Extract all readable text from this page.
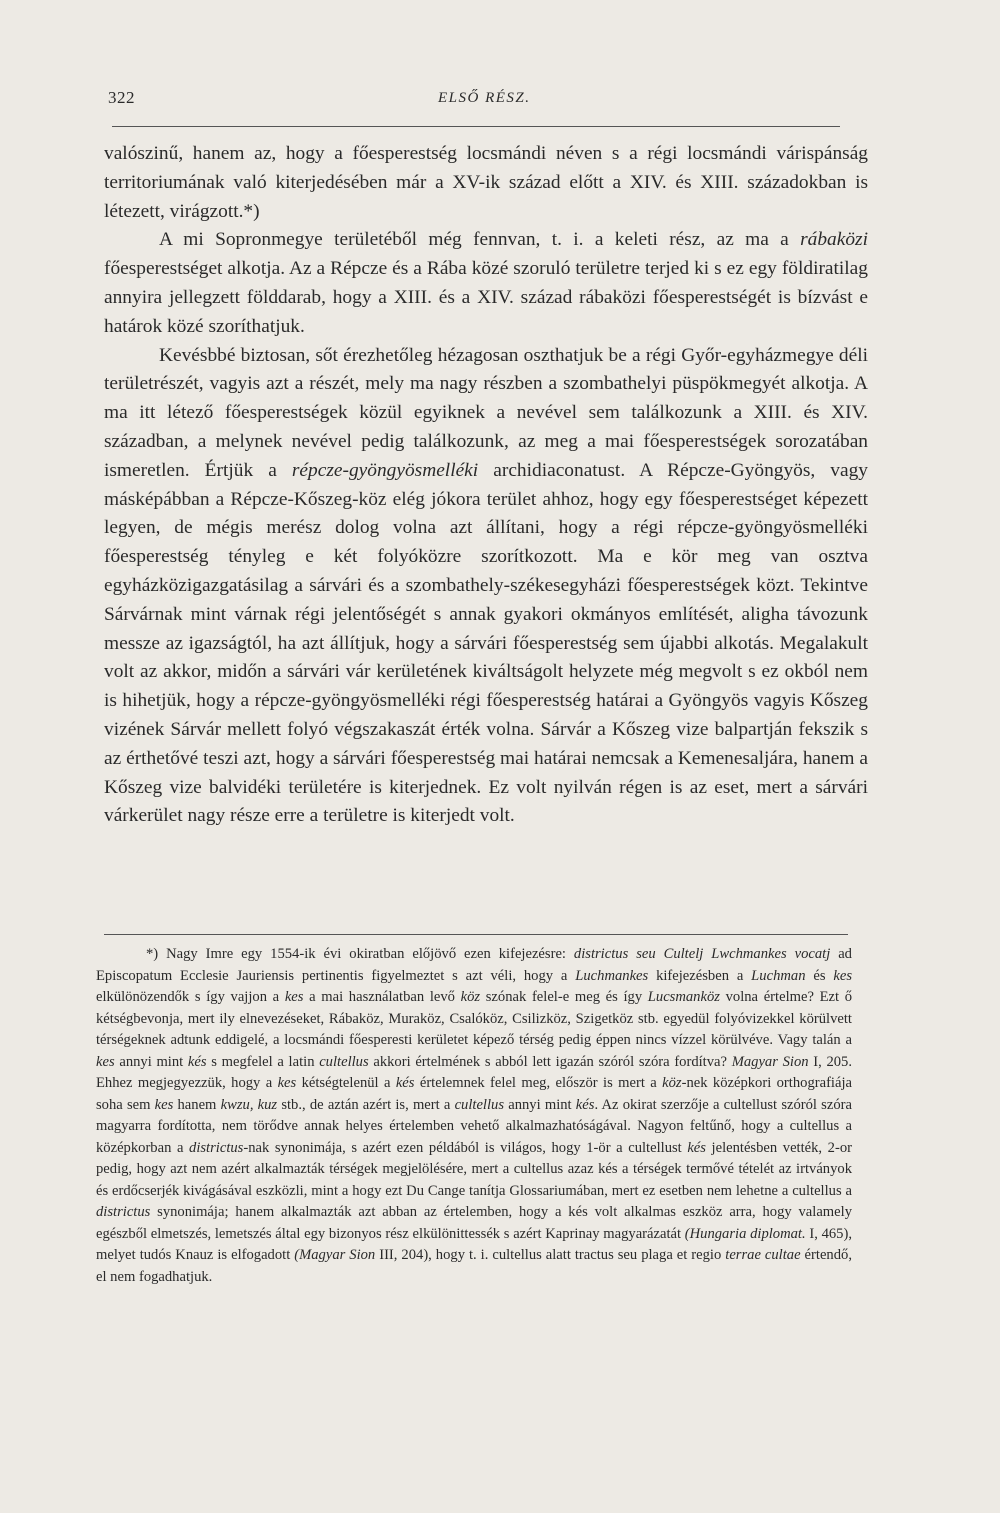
322	ELSŐ RÉSZ.

valószinű, hanem az, hogy a főesperestség locsmándi néven s a régi locsmándi várispánság territoriumának való kiterjedésében már a XV-ik század előtt a XIV. és XIII. századokban is létezett, virágzott.*)

A mi Sopronmegye területéből még fennvan, t. i. a keleti rész, az ma a rábaközi főesperestséget alkotja. Az a Répcze és a Rába közé szoruló területre terjed ki s ez egy földiratilag annyira jellegzett földdarab, hogy a XIII. és a XIV. század rábaközi főesperestségét is bízvást e határok közé szoríthatjuk.

Kevésbbé biztosan, sőt érezhetőleg hézagosan oszthatjuk be a régi Győr-egyházmegye déli területrészét, vagyis azt a részét, mely ma nagy részben a szombathelyi püspökmegyét alkotja. A ma itt létező főesperestségek közül egyiknek a nevével sem találkozunk a XIII. és XIV. században, a melynek nevével pedig találkozunk, az meg a mai főesperestségek sorozatában ismeretlen. Értjük a répcze-gyöngyösmelléki archidiaconatust. A Répcze-Gyöngyös, vagy másképábban a Répcze-Kőszeg-köz elég jókora terület ahhoz, hogy egy főesperestséget képezett legyen, de mégis merész dolog volna azt állítani, hogy a régi répcze-gyöngyösmelléki főesperestség tényleg e két folyóközre szorítkozott. Ma e kör meg van osztva egyházközigazgatásilag a sárvári és a szombathely-székesegyházi főesperestségek közt. Tekintve Sárvárnak mint várnak régi jelentőségét s annak gyakori okmányos említését, aligha távozunk messze az igazságtól, ha azt állítjuk, hogy a sárvári főesperestség sem újabbi alkotás. Megalakult volt az akkor, midőn a sárvári vár kerületének kiváltságolt helyzete még megvolt s ez okból nem is hihetjük, hogy a répcze-gyöngyösmelléki régi főesperestség határai a Gyöngyös vagyis Kőszeg vizének Sárvár mellett folyó végszakaszát érték volna. Sárvár a Kőszeg vize balpartján fekszik s az érthetővé teszi azt, hogy a sárvári főesperestség mai határai nemcsak a Kemenesaljára, hanem a Kőszeg vize balvidéki területére is kiterjednek. Ez volt nyilván régen is az eset, mert a sárvári várkerület nagy része erre a területre is kiterjedt volt.

*) Nagy Imre egy 1554-ik évi okiratban előjövő ezen kifejezésre: districtus seu Cultelj Lwchmankes vocatj ad Episcopatum Ecclesie Jauriensis pertinentis figyelmeztet s azt véli, hogy a Luchmankes kifejezésben a Luchman és kes elkülönözendők s így vajjon a kes a mai használatban levő köz szónak felel-e meg és így Lucsmanköz volna értelme? Ezt ő kétségbevonja, mert ily elnevezéseket, Rábaköz, Muraköz, Csalóköz, Csilizköz, Szigetköz stb. egyedül folyóvizekkel körülvett térségeknek adtunk eddigelé, a locsmándi főesperesti kerületet képező térség pedig éppen nincs vízzel körülvéve. Vagy talán a kes annyi mint kés s megfelel a latin cultellus akkori értelmének s abból lett igazán szóról szóra fordítva? Magyar Sion I, 205. Ehhez megjegyezzük, hogy a kes kétségtelenül a kés értelemnek felel meg, először is mert a köz-nek középkori orthografiája soha sem kes hanem kwzu, kuz stb., de aztán azért is, mert a cultellus annyi mint kés. Az okirat szerzője a cultellust szóról szóra magyarra fordította, nem törődve annak helyes értelemben vehető alkalmazhatóságával. Nagyon feltűnő, hogy a cultellus a középkorban a districtus-nak synonimája, s azért ezen példából is világos, hogy 1-ör a cultellust kés jelentésben vették, 2-or pedig, hogy azt nem azért alkalmazták térségek megjelölésére, mert a cultellus azaz kés a térségek termővé tételét az irtványok és erdőcserjék kivágásával eszközli, mint a hogy ezt Du Cange tanítja Glossariumában, mert ez esetben nem lehetne a cultellus a districtus synonimája; hanem alkalmazták azt abban az értelemben, hogy a kés volt alkalmas eszköz arra, hogy valamely egészből elmetszés, lemetszés által egy bizonyos rész elkülönittessék s azért Kaprinay magyarázatát (Hungaria diplomat. I, 465), melyet tudós Knauz is elfogadott (Magyar Sion III, 204), hogy t. i. cultellus alatt tractus seu plaga et regio terrae cultae értendő, el nem fogadhatjuk.
